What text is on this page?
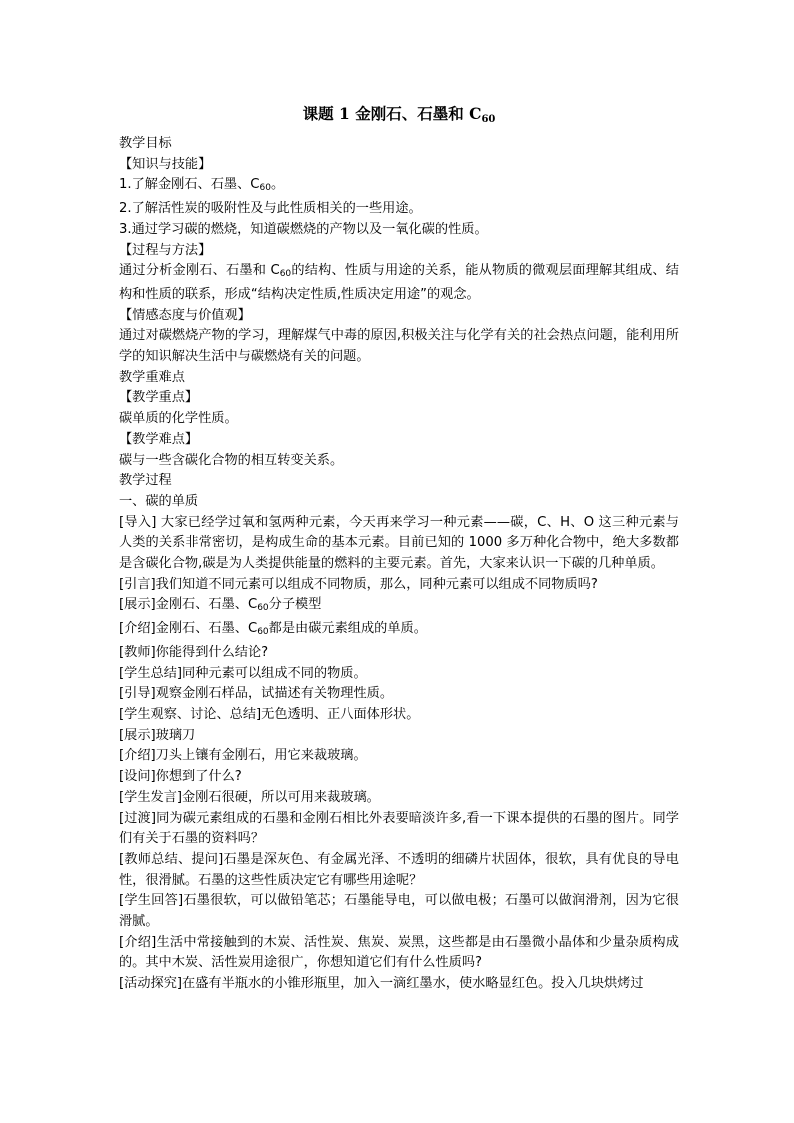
课题 1 金刚石、石墨和 $C_{60}$
教学目标
【知识与技能】
1.了解金刚石、石墨、C60。
2.了解活性炭的吸附性及与此性质相关的一些用途。
3.通过学习碳的燃烧，知道碳燃烧的产物以及一氧化碳的性质。
【过程与方法】
通过分析金刚石、石墨和 C60的结构、性质与用途的关系，能从物质的微观层面理解其组成、结构和性质的联系，形成“结构决定性质,性质决定用途”的观念。
【情感态度与价值观】
通过对碳燃烧产物的学习，理解煤气中毒的原因,积极关注与化学有关的社会热点问题，能利用所学的知识解决生活中与碳燃烧有关的问题。
教学重难点
【教学重点】
碳单质的化学性质。
【教学难点】
碳与一些含碳化合物的相互转变关系。
教学过程
一、碳的单质
[导入] 大家已经学过氧和氢两种元素，今天再来学习一种元素——碳，C、H、O 这三种元素与人类的关系非常密切，是构成生命的基本元素。目前已知的 1000 多万种化合物中，绝大多数都是含碳化合物,碳是为人类提供能量的燃料的主要元素。首先，大家来认识一下碳的几种单质。
[引言]我们知道不同元素可以组成不同物质，那么，同种元素可以组成不同物质吗?
[展示]金刚石、石墨、C60分子模型
[介绍]金刚石、石墨、C60都是由碳元素组成的单质。
[教师]你能得到什么结论?
[学生总结]同种元素可以组成不同的物质。
[引导]观察金刚石样品，试描述有关物理性质。
[学生观察、讨论、总结]无色透明、正八面体形状。
[展示]玻璃刀
[介绍]刀头上镶有金刚石，用它来裁玻璃。
[设问]你想到了什么?
[学生发言]金刚石很硬，所以可用来裁玻璃。
[过渡]同为碳元素组成的石墨和金刚石相比外表要暗淡许多,看一下课本提供的石墨的图片。同学们有关于石墨的资料吗？
[教师总结、提问]石墨是深灰色、有金属光泽、不透明的细磷片状固体，很软，具有优良的导电性，很滑腻。石墨的这些性质决定它有哪些用途呢？
[学生回答]石墨很软，可以做铅笔芯；石墨能导电，可以做电极；石墨可以做润滑剂，因为它很滑腻。
[介绍]生活中常接触到的木炭、活性炭、焦炭、炭黑，这些都是由石墨微小晶体和少量杂质构成的。其中木炭、活性炭用途很广，你想知道它们有什么性质吗?
[活动探究]在盛有半瓶水的小锥形瓶里，加入一滴红墨水，使水略显红色。投入几块烘烤过
